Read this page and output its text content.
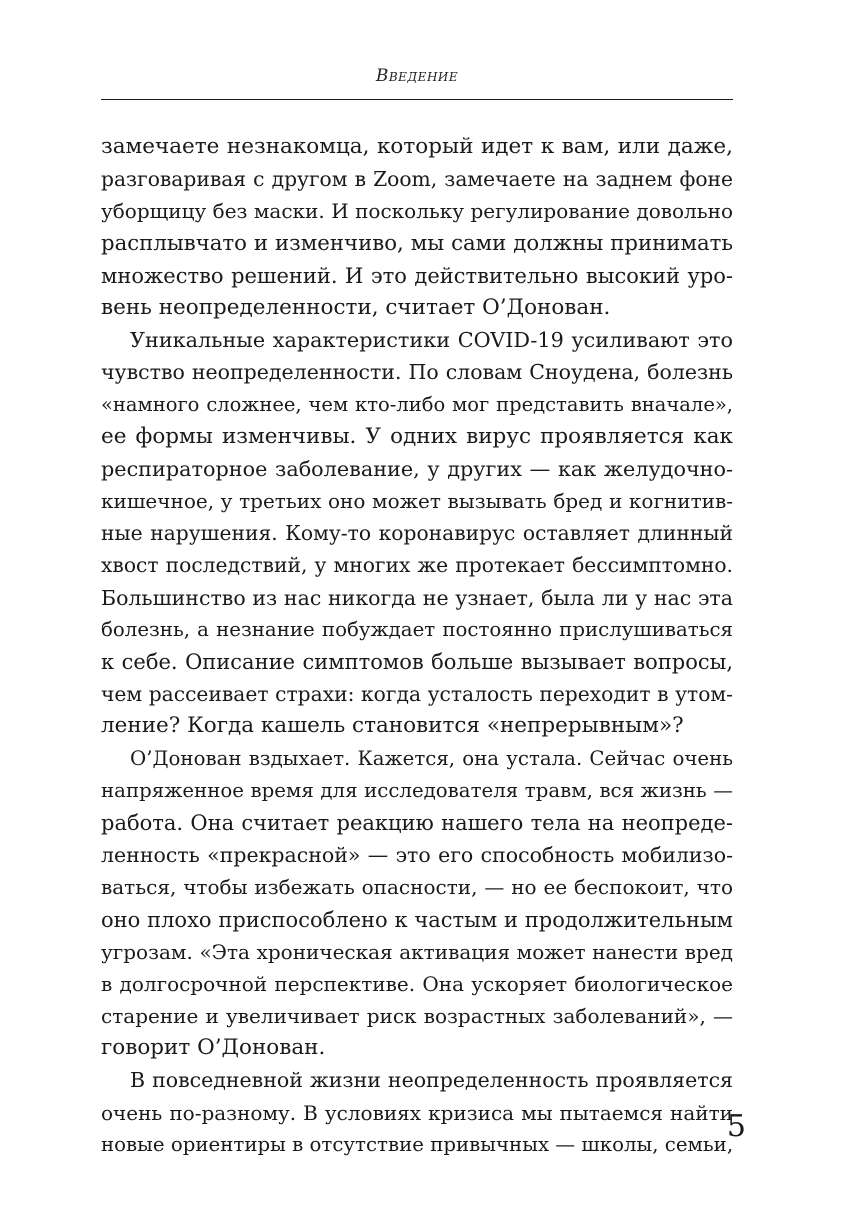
Введение
замечаете незнакомца, который идет к вам, или даже,
разговаривая с другом в Zoom, замечаете на заднем фоне
уборщицу без маски. И поскольку регулирование довольно
расплывчато и изменчиво, мы сами должны принимать
множество решений. И это действительно высокий уро-
вень неопределенности, считает О’Донован.
Уникальные характеристики COVID-19 усиливают это
чувство неопределенности. По словам Сноудена, болезнь
«намного сложнее, чем кто-либо мог представить вначале»,
ее формы изменчивы. У одних вирус проявляется как
респираторное заболевание, у других — как желудочно-
кишечное, у третьих оно может вызывать бред и когнитив-
ные нарушения. Кому-то коронавирус оставляет длинный
хвост последствий, у многих же протекает бессимптомно.
Большинство из нас никогда не узнает, была ли у нас эта
болезнь, а незнание побуждает постоянно прислушиваться
к себе. Описание симптомов больше вызывает вопросы,
чем рассеивает страхи: когда усталость переходит в утом-
ление? Когда кашель становится «непрерывным»?
О’Донован вздыхает. Кажется, она устала. Сейчас очень
напряженное время для исследователя травм, вся жизнь —
работа. Она считает реакцию нашего тела на неопреде-
ленность «прекрасной» — это его способность мобилизо-
ваться, чтобы избежать опасности, — но ее беспокоит, что
оно плохо приспособлено к частым и продолжительным
угрозам. «Эта хроническая активация может нанести вред
в долгосрочной перспективе. Она ускоряет биологическое
старение и увеличивает риск возрастных заболеваний», —
говорит О’Донован.
В повседневной жизни неопределенность проявляется
очень по-разному. В условиях кризиса мы пытаемся найти
новые ориентиры в отсутствие привычных — школы, семьи,
5
